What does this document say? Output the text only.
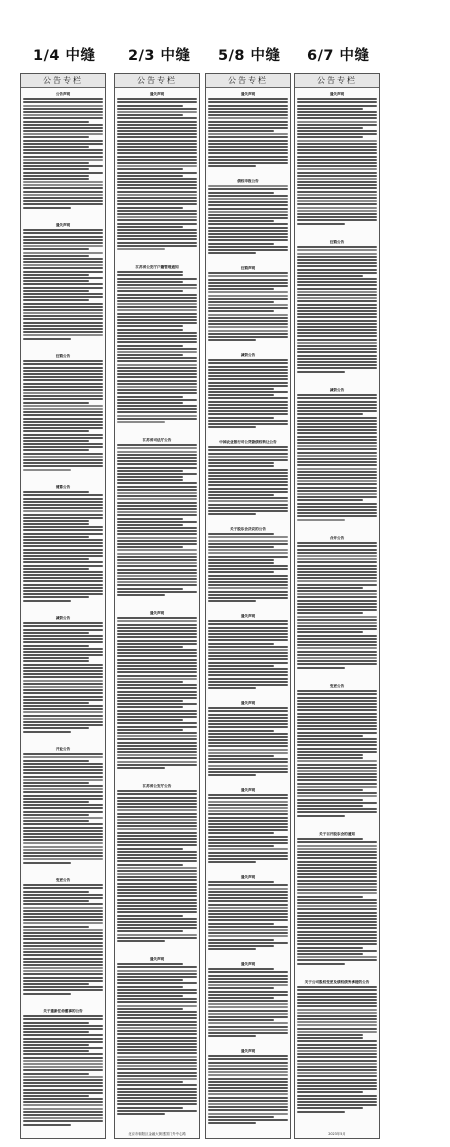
1/4 中缝
公告专栏
公告声明
遗失声明
注销公告
清算公告
减资公告
开业公告
变更公告
关于重新任命董事的公告
2/3 中缝
公告专栏
遗失声明
江苏省公安厅户籍管理通知
江苏省司法厅公告
遗失声明
江苏省公安厅公告
遗失声明
北京市朝阳区金融大街建国门外中心路
5/8 中缝
公告专栏
遗失声明
债权申报公告
注销声明
减资公告
中国农业银行对公贷款债权转让公告
关于股东会决议的公告
遗失声明
遗失声明
遗失声明
遗失声明
遗失声明
遗失声明
6/7 中缝
公告专栏
遗失声明
注销公告
减资公告
合并公告
变更公告
关于召开股东会的通知
关于公司股权变更及债权债务承接的公告
2023年5月
